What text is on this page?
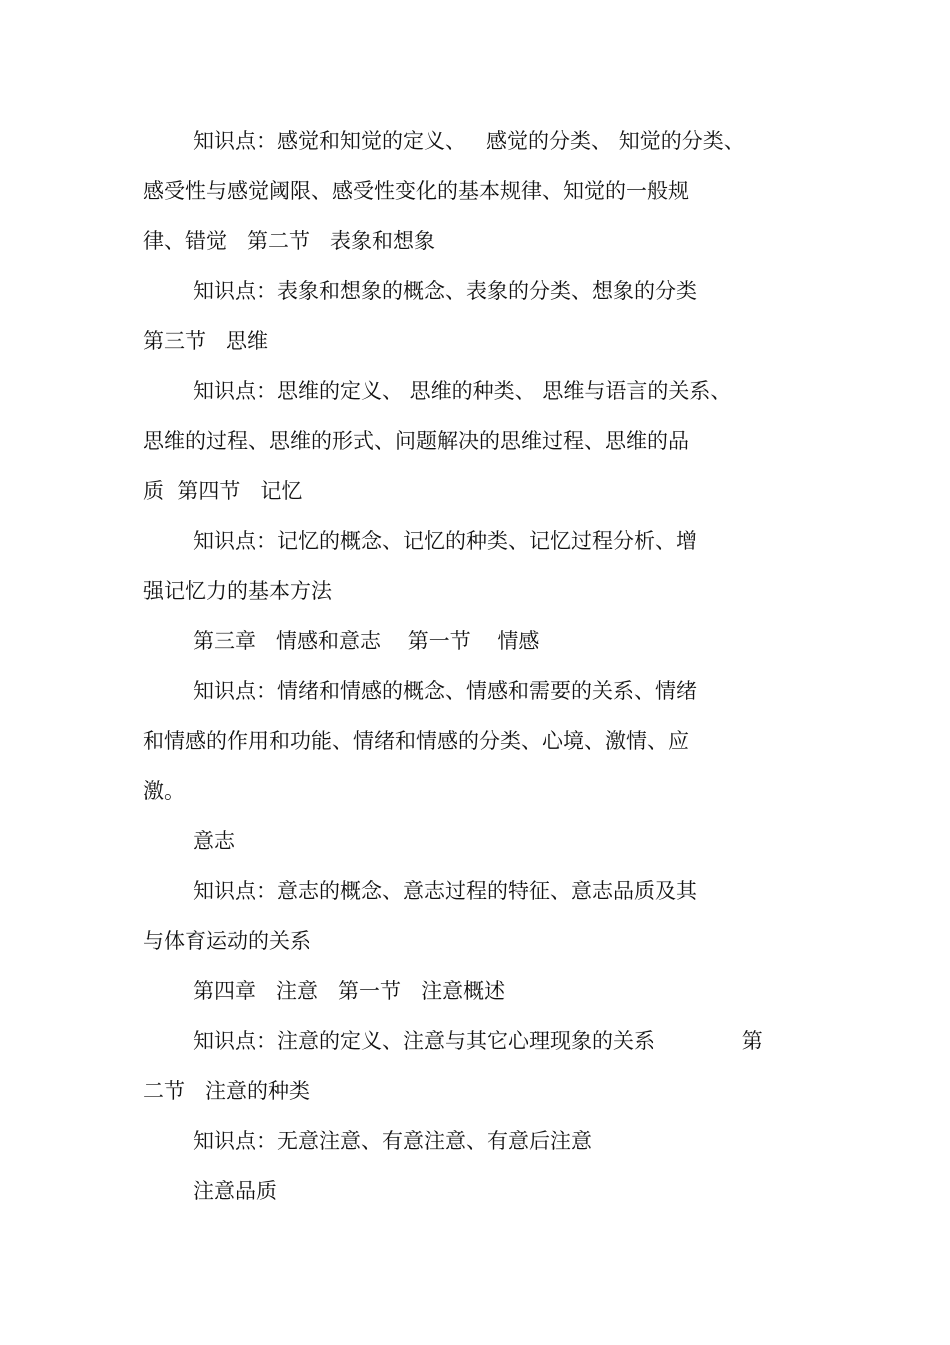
知识点：感觉和知觉的定义、   感觉的分类、 知觉的分类、
感受性与感觉阈限、感受性变化的基本规律、知觉的一般规
律、错觉   第二节   表象和想象
知识点：表象和想象的概念、表象的分类、想象的分类
第三节   思维
知识点：思维的定义、 思维的种类、 思维与语言的关系、
思维的过程、思维的形式、问题解决的思维过程、思维的品
质  第四节   记忆
知识点：记忆的概念、记忆的种类、记忆过程分析、增
强记忆力的基本方法
第三章   情感和意志    第一节    情感
知识点：情绪和情感的概念、情感和需要的关系、情绪
和情感的作用和功能、情绪和情感的分类、心境、激情、应
激。
意志
知识点：意志的概念、意志过程的特征、意志品质及其
与体育运动的关系
第四章   注意   第一节   注意概述
知识点：注意的定义、注意与其它心理现象的关系             第
二节   注意的种类
知识点：无意注意、有意注意、有意后注意
注意品质
